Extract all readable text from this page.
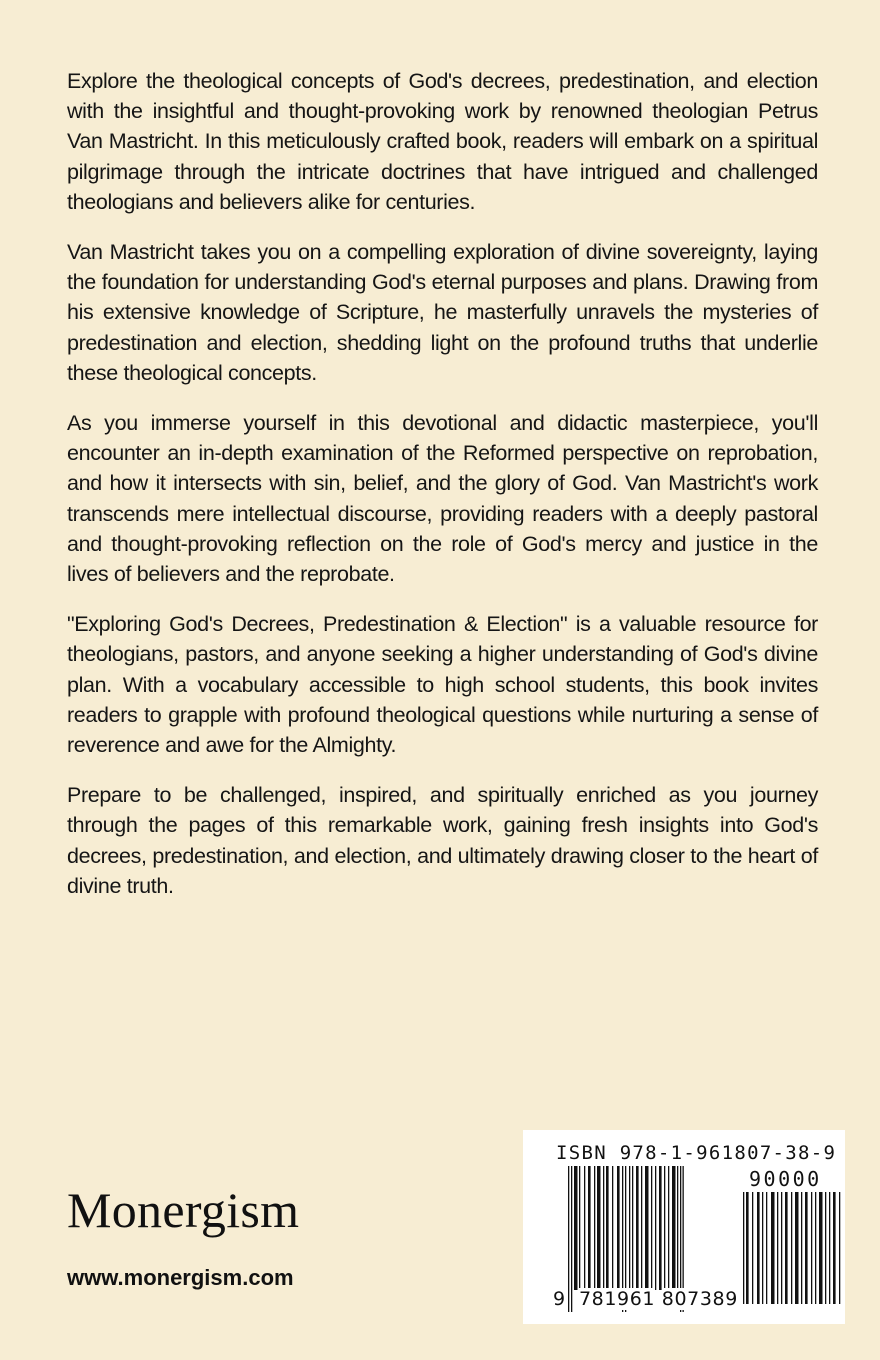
Explore the theological concepts of God's decrees, predestination, and election with the insightful and thought-provoking work by renowned theologian Petrus Van Mastricht. In this meticulously crafted book, readers will embark on a spiritual pilgrimage through the intricate doctrines that have intrigued and challenged theologians and believers alike for centuries.

Van Mastricht takes you on a compelling exploration of divine sovereignty, laying the foundation for understanding God's eternal purposes and plans. Drawing from his extensive knowledge of Scripture, he masterfully unravels the mysteries of predestination and election, shedding light on the profound truths that underlie these theological concepts.

As you immerse yourself in this devotional and didactic masterpiece, you'll encounter an in-depth examination of the Reformed perspective on reprobation, and how it intersects with sin, belief, and the glory of God. Van Mastricht's work transcends mere intellectual discourse, providing readers with a deeply pastoral and thought-provoking reflection on the role of God's mercy and justice in the lives of believers and the reprobate.

"Exploring God's Decrees, Predestination & Election" is a valuable resource for theologians, pastors, and anyone seeking a higher understanding of God's divine plan. With a vocabulary accessible to high school students, this book invites readers to grapple with profound theological questions while nurturing a sense of reverence and awe for the Almighty.

Prepare to be challenged, inspired, and spiritually enriched as you journey through the pages of this remarkable work, gaining fresh insights into God's decrees, predestination, and election, and ultimately drawing closer to the heart of divine truth.

Monergism
www.monergism.com
ISBN 978-1-961807-38-9
90000
9 781961 807389
